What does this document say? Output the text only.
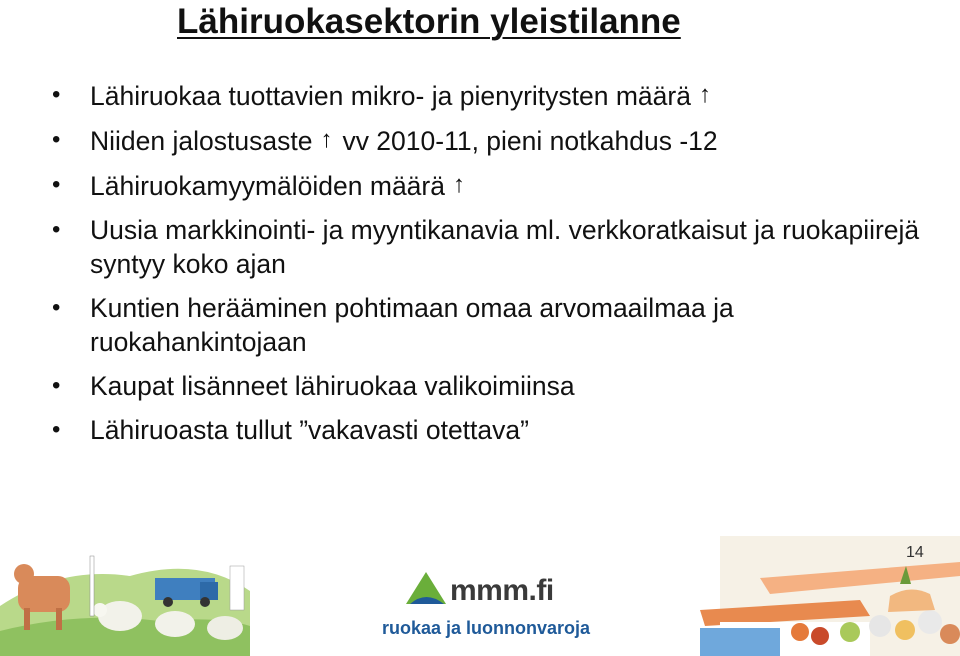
Lähiruokasektorin yleistilanne
• Lähiruokaa tuottavien mikro- ja pienyritysten määrä ↑
• Niiden jalostusaste ↑ vv 2010-11, pieni notkahdus -12
• Lähiruokamyymälöiden määrä ↑
• Uusia markkinointi- ja myyntikanavia ml. verkkoratkaisut ja ruokapiirejä syntyy koko ajan
• Kuntien herääminen pohtimaan omaa arvomaailmaa ja ruokahankintojaan
• Kaupat lisänneet lähiruokaa valikoimiinsa
• Lähiruoasta tullut ”vakavasti otettava”
mmm.fi
ruokaa ja luonnonvaroja
14
